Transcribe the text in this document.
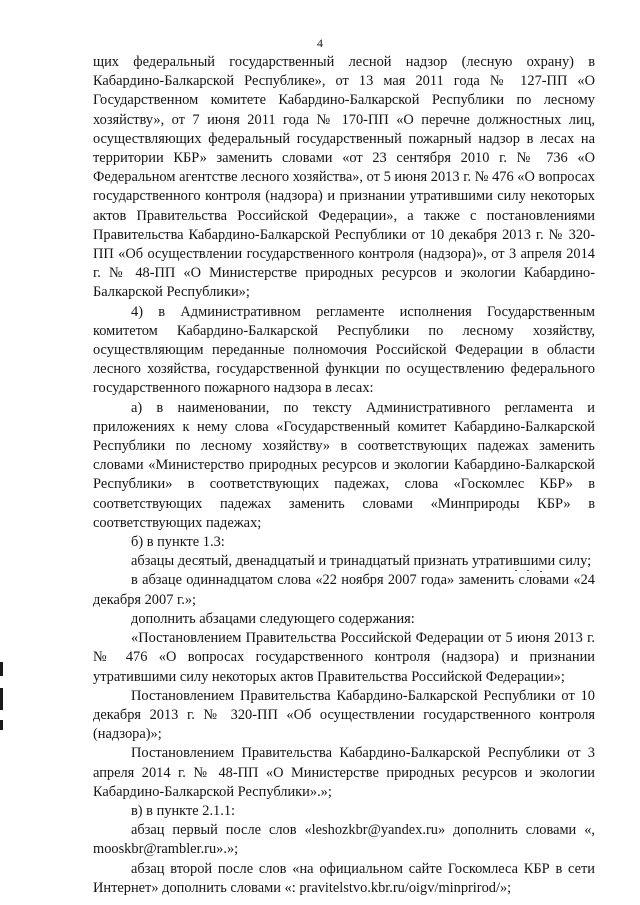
4

щих федеральный государственный лесной надзор (лесную охрану) в Кабардино-Балкарской Республике», от 13 мая 2011 года № 127-ПП «О Государственном комитете Кабардино-Балкарской Республики по лесному хозяйству», от 7 июня 2011 года № 170-ПП «О перечне должностных лиц, осуществляющих федеральный государственный пожарный надзор в лесах на территории КБР» заменить словами «от 23 сентября 2010 г. № 736 «О Федеральном агентстве лесного хозяйства», от 5 июня 2013 г. № 476 «О вопросах государственного контроля (надзора) и признании утратившими силу некоторых актов Правительства Российской Федерации», а также с постановлениями Правительства Кабардино-Балкарской Республики от 10 декабря 2013 г. № 320-ПП «Об осуществлении государственного контроля (надзора)», от 3 апреля 2014 г. № 48-ПП «О Министерстве природных ресурсов и экологии Кабардино-Балкарской Республики»;

4) в Административном регламенте исполнения Государственным комитетом Кабардино-Балкарской Республики по лесному хозяйству, осуществляющим переданные полномочия Российской Федерации в области лесного хозяйства, государственной функции по осуществлению федерального государственного пожарного надзора в лесах:

а) в наименовании, по тексту Административного регламента и приложениях к нему слова «Государственный комитет Кабардино-Балкарской Республики по лесному хозяйству» в соответствующих падежах заменить словами «Министерство природных ресурсов и экологии Кабардино-Балкарской Республики» в соответствующих падежах, слова «Госкомлес КБР» в соответствующих падежах заменить словами «Минприроды КБР» в соответствующих падежах;

б) в пункте 1.3:

абзацы десятый, двенадцатый и тринадцатый признать утратившими силу;

в абзаце одиннадцатом слова «22 ноября 2007 года» заменить словами «24 декабря 2007 г.»;

дополнить абзацами следующего содержания:

«Постановлением Правительства Российской Федерации от 5 июня 2013 г. № 476 «О вопросах государственного контроля (надзора) и признании утратившими силу некоторых актов Правительства Российской Федерации»;

Постановлением Правительства Кабардино-Балкарской Республики от 10 декабря 2013 г. № 320-ПП «Об осуществлении государственного контроля (надзора)»;

Постановлением Правительства Кабардино-Балкарской Республики от 3 апреля 2014 г. № 48-ПП «О Министерстве природных ресурсов и экологии Кабардино-Балкарской Республики».»;

в) в пункте 2.1.1:

абзац первый после слов «leshozkbr@yandex.ru» дополнить словами «, mooskbr@rambler.ru».»;

абзац второй после слов «на официальном сайте Госкомлеса КБР в сети Интернет» дополнить словами «: pravitelstvo.kbr.ru/oigv/minprirod/»;
